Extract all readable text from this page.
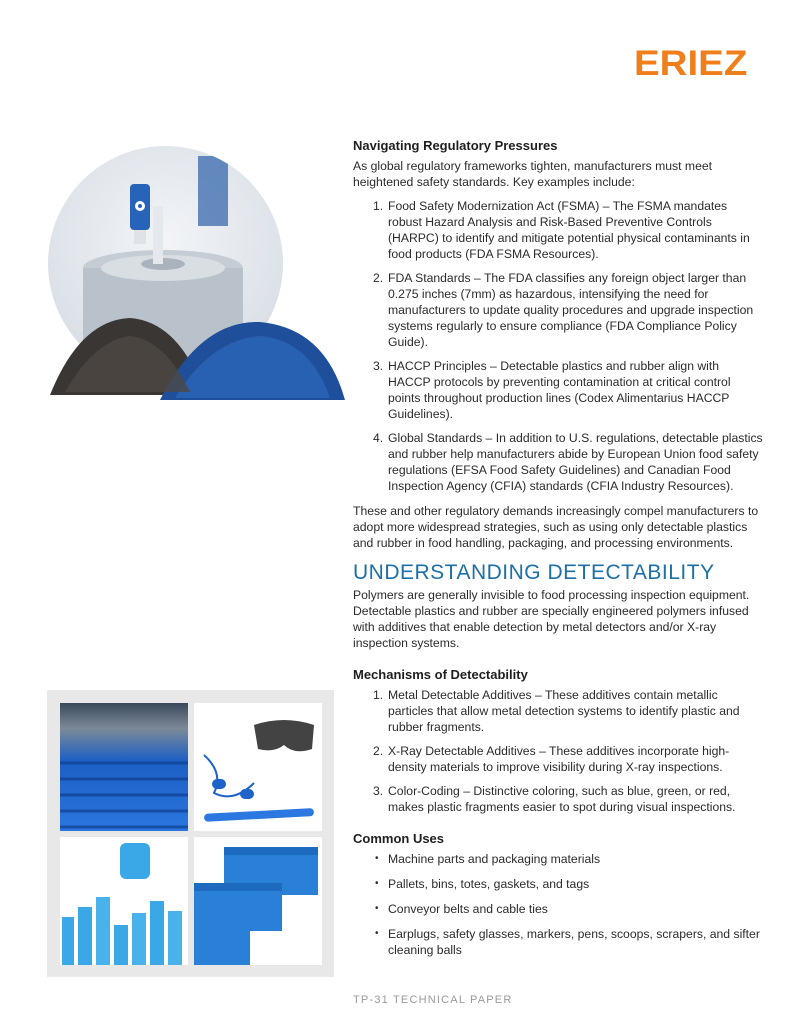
ERIEZ
Navigating Regulatory Pressures

As global regulatory frameworks tighten, manufacturers must meet heightened safety standards. Key examples include:

1. Food Safety Modernization Act (FSMA) – The FSMA mandates robust Hazard Analysis and Risk-Based Preventive Controls (HARPC) to identify and mitigate potential physical contaminants in food products (FDA FSMA Resources).
2. FDA Standards – The FDA classifies any foreign object larger than 0.275 inches (7mm) as hazardous, intensifying the need for manufacturers to update quality procedures and upgrade inspection systems regularly to ensure compliance (FDA Compliance Policy Guide).
3. HACCP Principles – Detectable plastics and rubber align with HACCP protocols by preventing contamination at critical control points throughout production lines (Codex Alimentarius HACCP Guidelines).
4. Global Standards – In addition to U.S. regulations, detectable plastics and rubber help manufacturers abide by European Union food safety regulations (EFSA Food Safety Guidelines) and Canadian Food Inspection Agency (CFIA) standards (CFIA Industry Resources).

These and other regulatory demands increasingly compel manufacturers to adopt more widespread strategies, such as using only detectable plastics and rubber in food handling, packaging, and processing environments.

UNDERSTANDING DETECTABILITY

Polymers are generally invisible to food processing inspection equipment. Detectable plastics and rubber are specially engineered polymers infused with additives that enable detection by metal detectors and/or X-ray inspection systems.

Mechanisms of Detectability
1. Metal Detectable Additives – These additives contain metallic particles that allow metal detection systems to identify plastic and rubber fragments.
2. X-Ray Detectable Additives – These additives incorporate high-density materials to improve visibility during X-ray inspections.
3. Color-Coding – Distinctive coloring, such as blue, green, or red, makes plastic fragments easier to spot during visual inspections.
Common Uses
• Machine parts and packaging materials
• Pallets, bins, totes, gaskets, and tags
• Conveyor belts and cable ties
• Earplugs, safety glasses, markers, pens, scoops, scrapers, and sifter cleaning balls
TP-31 TECHNICAL PAPER
